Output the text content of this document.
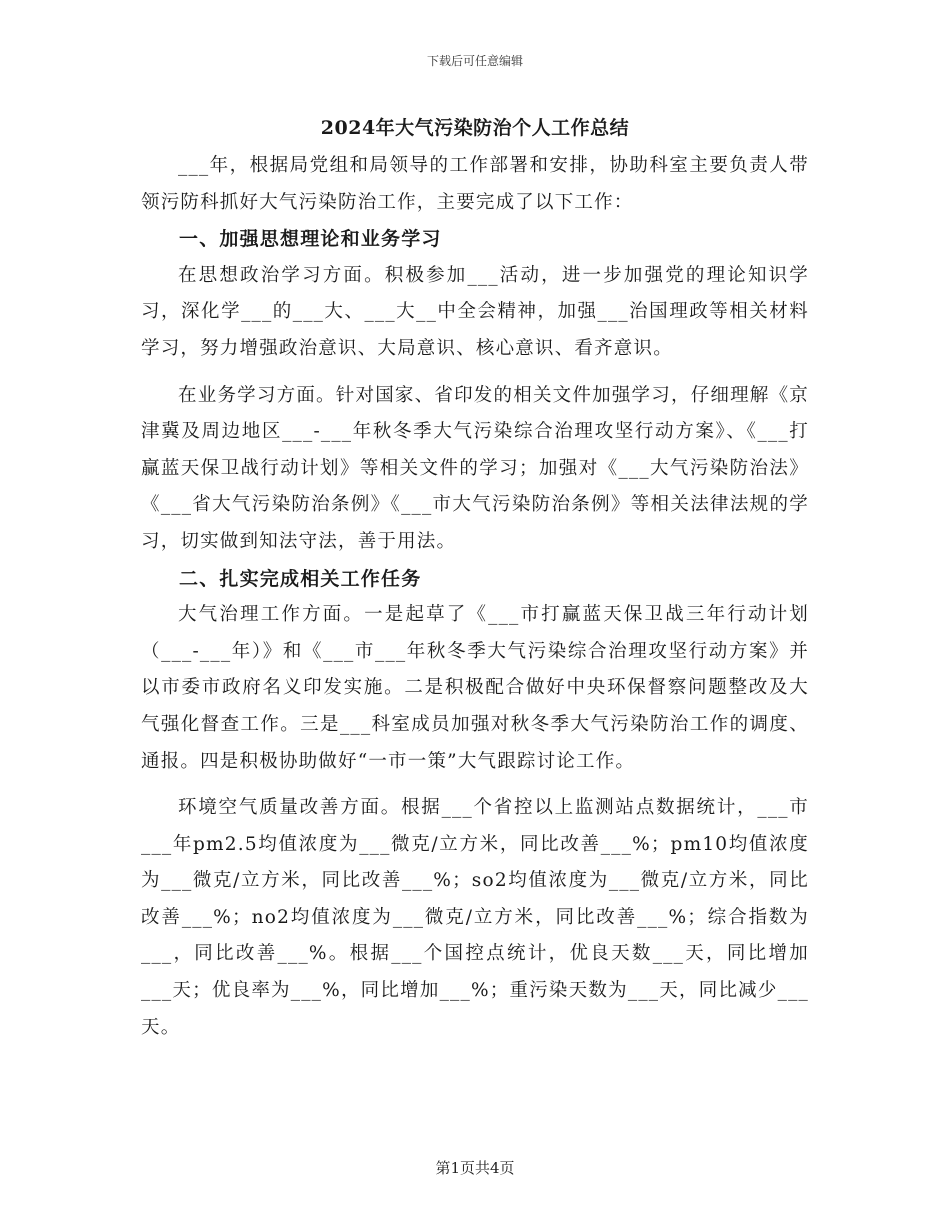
下载后可任意编辑
2024年大气污染防治个人工作总结

___年，根据局党组和局领导的工作部署和安排，协助科室主要负责人带领污防科抓好大气污染防治工作，主要完成了以下工作：

一、加强思想理论和业务学习

在思想政治学习方面。积极参加___活动，进一步加强党的理论知识学习，深化学___的___大、___大__中全会精神，加强___治国理政等相关材料学习，努力增强政治意识、大局意识、核心意识、看齐意识。

在业务学习方面。针对国家、省印发的相关文件加强学习，仔细理解《京津冀及周边地区___-___年秋冬季大气污染综合治理攻坚行动方案》、《___打赢蓝天保卫战行动计划》等相关文件的学习；加强对《___大气污染防治法》《___省大气污染防治条例》《___市大气污染防治条例》等相关法律法规的学习，切实做到知法守法，善于用法。

二、扎实完成相关工作任务

大气治理工作方面。一是起草了《___市打赢蓝天保卫战三年行动计划（___-___年）》和《___市___年秋冬季大气污染综合治理攻坚行动方案》并以市委市政府名义印发实施。二是积极配合做好中央环保督察问题整改及大气强化督查工作。三是___科室成员加强对秋冬季大气污染防治工作的调度、通报。四是积极协助做好“一市一策”大气跟踪讨论工作。

环境空气质量改善方面。根据___个省控以上监测站点数据统计，___市___年pm2.5均值浓度为___微克/立方米，同比改善___%；pm10均值浓度为___微克/立方米，同比改善___%；so2均值浓度为___微克/立方米，同比改善___%；no2均值浓度为___微克/立方米，同比改善___%；综合指数为___，同比改善___%。根据___个国控点统计，优良天数___天，同比增加___天；优良率为___%，同比增加___%；重污染天数为___天，同比减少___天。

第1页共4页
